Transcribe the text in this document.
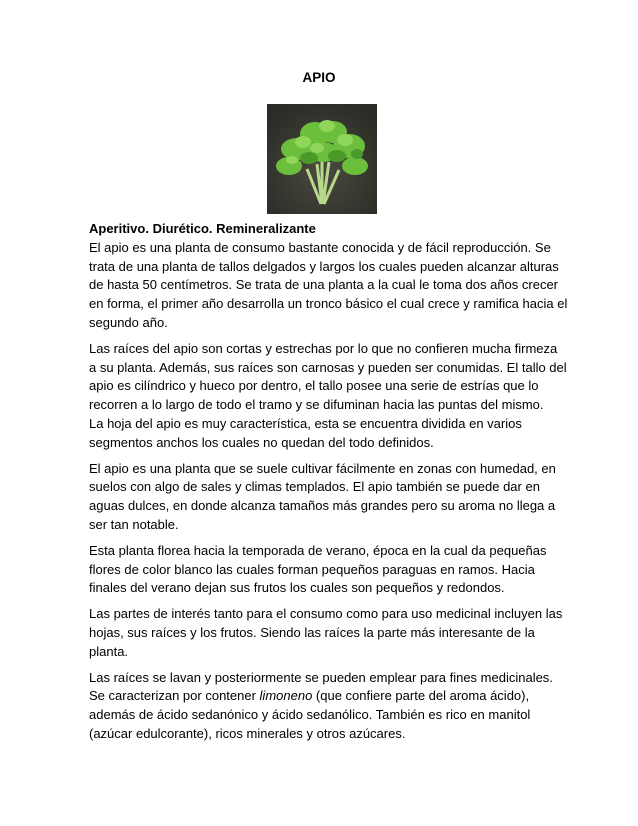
APIO
Aperitivo. Diurético. Remineralizante
El apio es una planta de consumo bastante conocida y de fácil reproducción. Se
trata de una planta de tallos delgados y largos los cuales pueden alcanzar alturas
de hasta 50 centímetros. Se trata de una planta a la cual le toma dos años crecer
en forma, el primer año desarrolla un tronco básico el cual crece y ramifica hacia el
segundo año.
Las raíces del apio son cortas y estrechas por lo que no confieren mucha firmeza
a su planta. Además, sus raíces son carnosas y pueden ser conumidas. El tallo del
apio es cilíndrico y hueco por dentro, el tallo posee una serie de estrías que lo
recorren a lo largo de todo el tramo y se difuminan hacia las puntas del mismo.
La hoja del apio es muy característica, esta se encuentra dividida en varios
segmentos anchos los cuales no quedan del todo definidos.
El apio es una planta que se suele cultivar fácilmente en zonas con humedad, en
suelos con algo de sales y climas templados. El apio también se puede dar en
aguas dulces, en donde alcanza tamaños más grandes pero su aroma no llega a
ser tan notable.
Esta planta florea hacia la temporada de verano, época en la cual da pequeñas
flores de color blanco las cuales forman pequeños paraguas en ramos. Hacia
finales del verano dejan sus frutos los cuales son pequeños y redondos.
Las partes de interés tanto para el consumo como para uso medicinal incluyen las
hojas, sus raíces y los frutos. Siendo las raíces la parte más interesante de la
planta.
Las raíces se lavan y posteriormente se pueden emplear para fines medicinales.
Se caracterizan por contener limoneno (que confiere parte del aroma ácido),
además de ácido sedanónico y ácido sedanólico. También es rico en manitol
(azúcar edulcorante), ricos minerales y otros azúcares.
